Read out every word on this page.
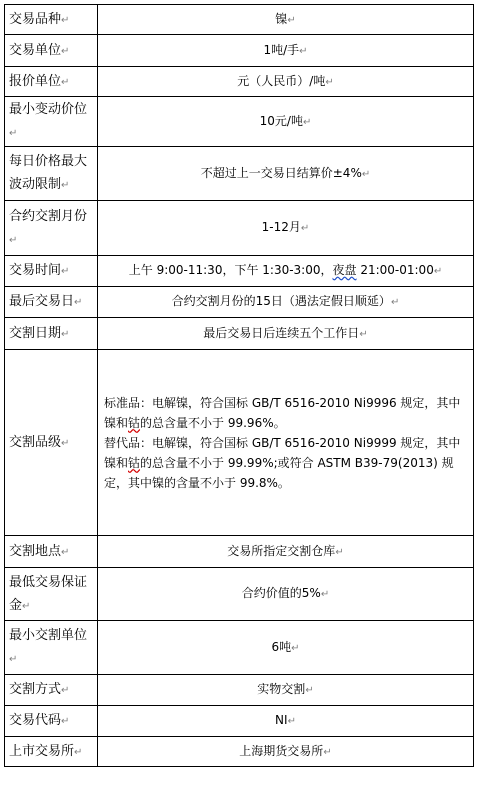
交易品种↵	镍↵
交易单位↵	1吨/手↵
报价单位↵	元（人民币）/吨↵
最小变动价位↵	10元/吨↵
每日价格最大波动限制↵	不超过上一交易日结算价±4%↵
合约交割月份↵	1-12月↵
交易时间↵	上午 9:00-11:30，下午 1:30-3:00，夜盘 21:00-01:00↵
最后交易日↵	合约交割月份的15日（遇法定假日顺延）↵
交割日期↵	最后交易日后连续五个工作日↵
交割品级↵	标准品：电解镍，符合国标 GB/T 6516-2010 Ni9996 规定，其中镍和钴的总含量不小于 99.96%。
替代品：电解镍，符合国标 GB/T 6516-2010 Ni9999 规定，其中镍和钴的总含量不小于 99.99%;或符合 ASTM B39-79(2013) 规定，其中镍的含量不小于 99.8%。

交割地点↵	交易所指定交割仓库↵
最低交易保证金↵	合约价值的5%↵
最小交割单位↵	6吨↵
交割方式↵	实物交割↵
交易代码↵	NI↵
上市交易所↵	上海期货交易所↵
